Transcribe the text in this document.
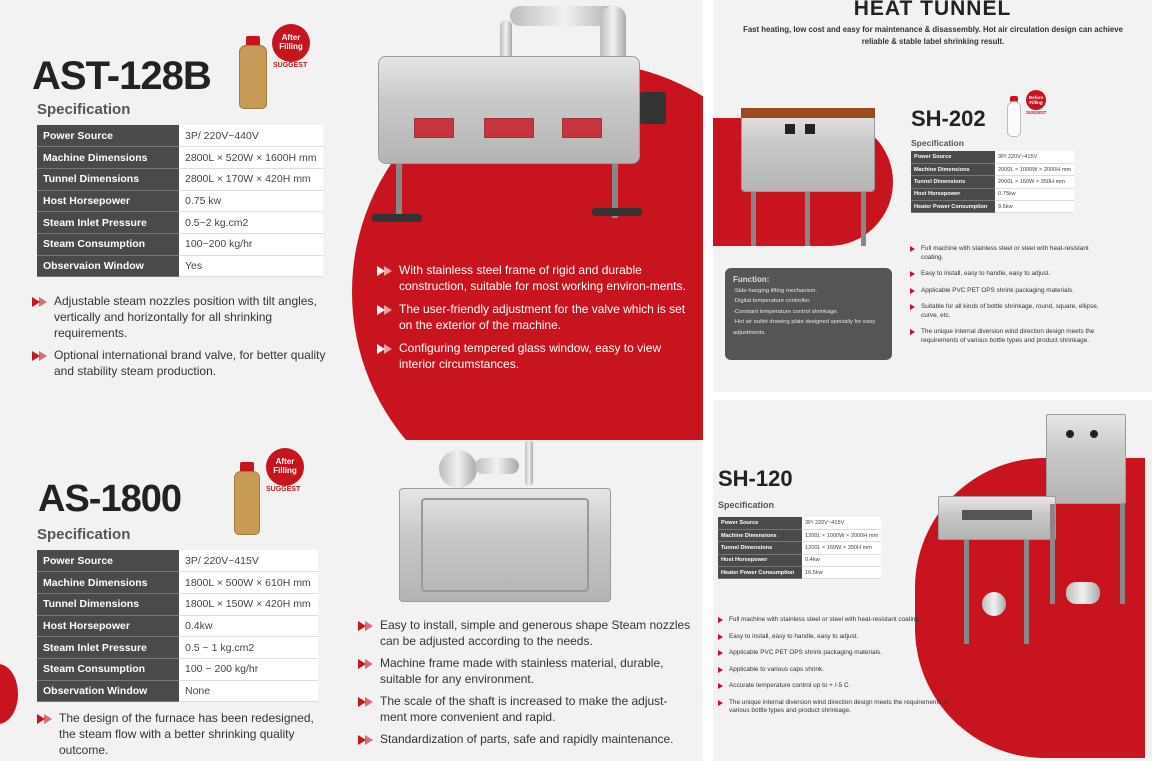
AST-128B
After
Filling
SUGGEST
Specification
Power Source	3P/ 220V~440V
Machine Dimensions	2800L × 520W × 1600H mm
Tunnel Dimensions	2800L × 170W × 420H mm
Host Horsepower	0.75 kw
Steam Inlet Pressure	0.5~2 kg.cm2
Steam Consumption	100~200 kg/hr
Observaion Window	Yes
Adjustable steam nozzles position with tilt angles, vertically and horizontally for all shrinking requirements.
Optional international brand valve, for better quality and stability steam production.
With stainless steel frame of rigid and durable construction, suitable for most working environ-ments.
The user-friendly adjustment for the valve which is set on the exterior of the machine.
Configuring tempered glass window, easy to view interior circumstances.
AS-1800
After
Filling
SUGGEST
Specification
Power Source	3P/ 220V~415V
Machine Dimensions	1800L × 500W × 610H mm
Tunnel Dimensions	1800L × 150W × 420H mm
Host Horsepower	0.4kw
Steam Inlet Pressure	0.5 ~ 1 kg.cm2
Steam Consumption	100 ~ 200 kg/hr
Observation Window	None
The design of the furnace has been redesigned, the steam flow with a better shrinking quality outcome.
Easy to install, simple and generous shape Steam nozzles can be adjusted according to the needs.
Machine frame made with stainless material, durable, suitable for any environment.
The scale of the shaft is increased to make the adjust-ment more convenient and rapid.
Standardization of parts, safe and rapidly maintenance.
HEAT TUNNEL
Fast heating, low cost and easy for maintenance & disassembly. Hot air circulation design can achieve reliable & stable label shrinking result.
SH-202
Before
Filling
SUGGEST
Specification
Power Source	3P/ 220V~415V
Machine Dimensions	2000L × 1000W × 2000H mm
Tunnel Dimensions	2000L × 160W × 350H mm
Host Horsepower	0.75kw
Heater Power Consumption	9.6kw
Function:
·Side-hanging lifting mechanism.
·Digital temperature controller.
·Constant temperature control shrinkage.
·Hot air outlet drawing plate designed specially for easy adjustments.
Full machine with stainless steel or steel with heat-resistant coating.
Easy to install, easy to handle, easy to adjust.
Applicable PVC PET OPS shrink packaging materials.
Suitable for all kinds of bottle shrinkage, round, square, ellipse, curve, etc.
The unique internal diversion wind direction design meets the requirements of various bottle types and product shrinkage.
SH-120
Specification
Power Source	3P/ 220V~415V
Machine Dimensions	1200L × 1000W × 2000H mm
Tunnel Dimensions	1200L × 160W × 350H mm
Host Horsepower	0.4kw
Heater Power Consumption	16.5kw
Full machine with stainless steel or steel with heat-resistant coating.
Easy to install, easy to handle, easy to adjust.
Applicable PVC PET OPS shrink packaging materials.
Applicable to various caps shrink.
Accurate temperature control up to + /-5 C.
The unique internal diversion wind direction design meets the requirements of various bottle types and product shrinkage.
